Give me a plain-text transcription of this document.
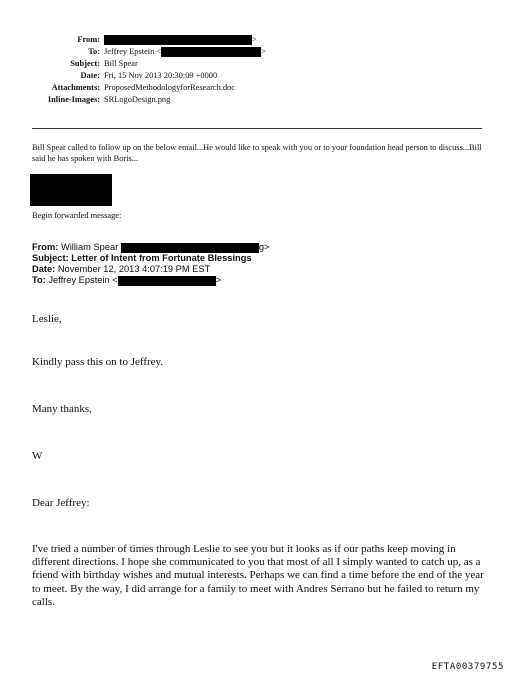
From:	>
To: Jeffrey Epstein <	>
Subject: Bill Spear
Date: Fri, 15 Nov 2013 20:30:09 +0000
Attachments: ProposedMethodologyforResearch.doc
Inline-Images: SRLogoDesign.png
Bill Spear called to follow up on the below email...He would like to speak with you or to your foundation head person to discuss...Bill said he has spoken with Boris...
Begin forwarded message:
From: William Spear	g>
Subject: Letter of Intent from Fortunate Blessings
Date: November 12, 2013 4:07:19 PM EST
To: Jeffrey Epstein <	>
Leslie,
Kindly pass this on to Jeffrey.
Many thanks,
W
Dear Jeffrey:
I've tried a number of times through Leslie to see you but it looks as if our paths keep moving in different directions. I hope she communicated to you that most of all I simply wanted to catch up, as a friend with birthday wishes and mutual interests. Perhaps we can find a time before the end of the year to meet. By the way, I did arrange for a family to meet with Andres Serrano but he failed to return my calls.
EFTA00379755
